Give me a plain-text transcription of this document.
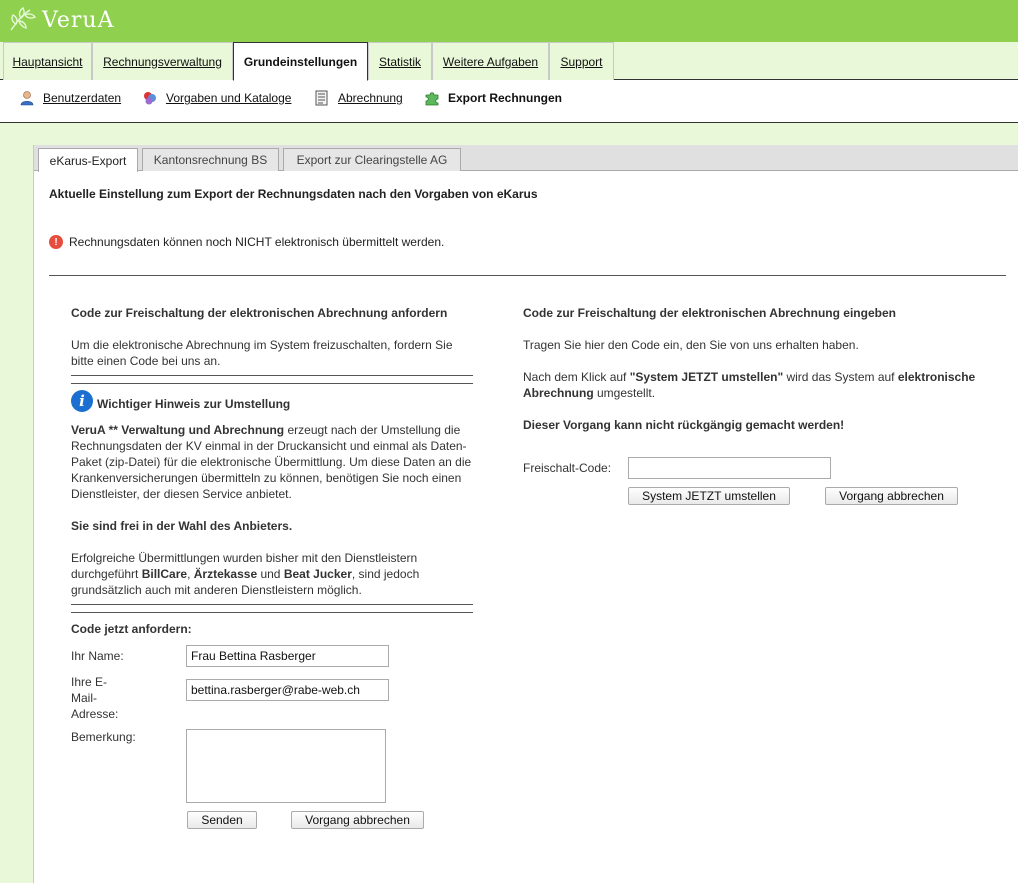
VeruA
Hauptansicht Rechnungsverwaltung Grundeinstellungen Statistik Weitere Aufgaben Support
Benutzerdaten	Vorgaben und Kataloge	Abrechnung	Export Rechnungen
eKarus-Export Kantonsrechnung BS Export zur Clearingstelle AG
Aktuelle Einstellung zum Export der Rechnungsdaten nach den Vorgaben von eKarus
! Rechnungsdaten können noch NICHT elektronisch übermittelt werden.
Code zur Freischaltung der elektronischen Abrechnung anfordern

Um die elektronische Abrechnung im System freizuschalten, fordern Sie bitte einen Code bei uns an.

i	Wichtiger Hinweis zur Umstellung

VeruA ** Verwaltung und Abrechnung erzeugt nach der Umstellung die Rechnungsdaten der KV einmal in der Druckansicht und einmal als Daten-Paket (zip-Datei) für die elektronische Übermittlung. Um diese Daten an die Krankenversicherungen übermitteln zu können, benötigen Sie noch einen Dienstleister, der diesen Service anbietet.

Sie sind frei in der Wahl des Anbieters.

Erfolgreiche Übermittlungen wurden bisher mit den Dienstleistern durchgeführt BillCare, Ärztekasse und Beat Jucker, sind jedoch grundsätzlich auch mit anderen Dienstleistern möglich.

Code jetzt anfordern:

Ihr Name:
Frau Bettina Rasberger
Ihre E-Mail-Adresse:
bettina.rasberger@rabe-web.ch
Bemerkung:
Senden	Vorgang abbrechen
Code zur Freischaltung der elektronischen Abrechnung eingeben

Tragen Sie hier den Code ein, den Sie von uns erhalten haben.

Nach dem Klick auf "System JETZT umstellen" wird das System auf elektronische Abrechnung umgestellt.

Dieser Vorgang kann nicht rückgängig gemacht werden!

Freischalt-Code:
System JETZT umstellen	Vorgang abbrechen
